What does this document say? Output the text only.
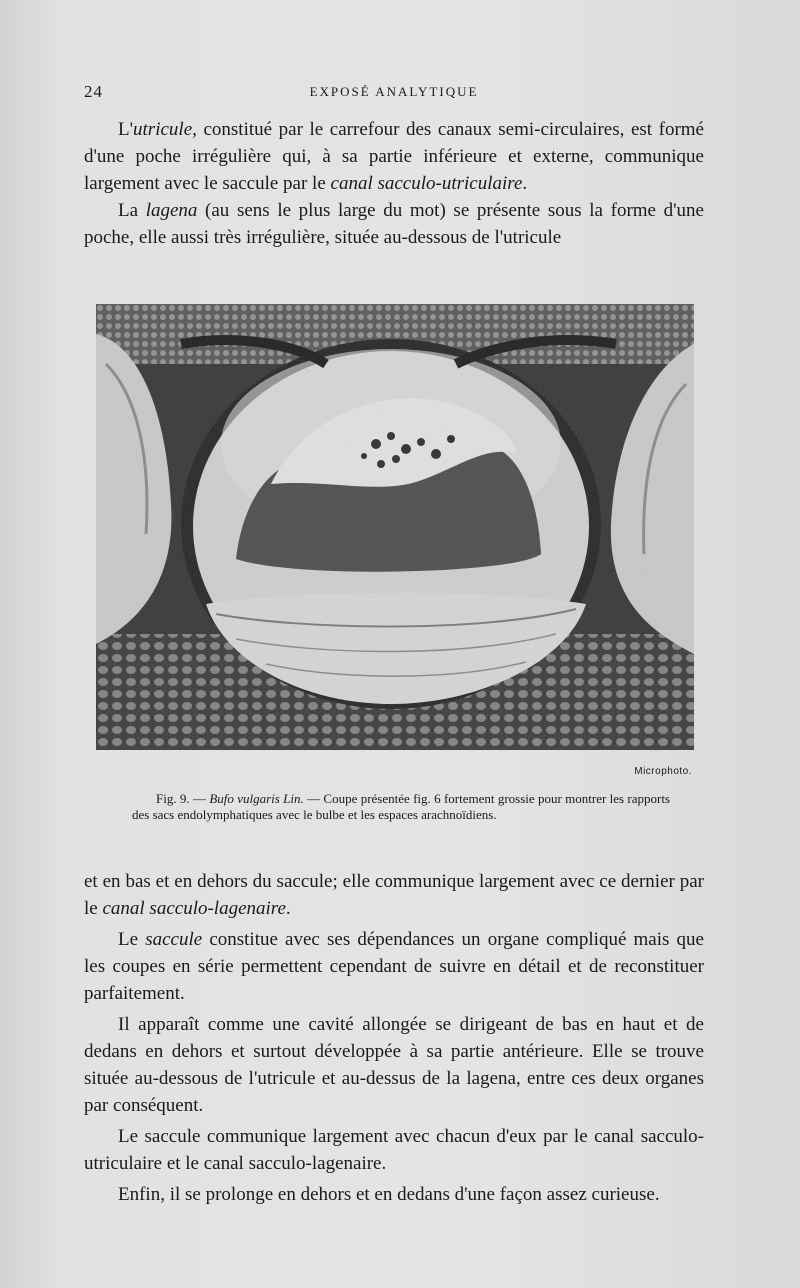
24	EXPOSÉ ANALYTIQUE

L'utricule, constitué par le carrefour des canaux semi-circulaires, est formé d'une poche irrégulière qui, à sa partie inférieure et externe, communique largement avec le saccule par le canal sacculo-utriculaire.

La lagena (au sens le plus large du mot) se présente sous la forme d'une poche, elle aussi très irrégulière, située au-dessous de l'utricule

Microphoto.

Fig. 9. — Bufo vulgaris Lin. — Coupe présentée fig. 6 fortement grossie pour montrer les rapports des sacs endolymphatiques avec le bulbe et les espaces arachnoïdiens.

et en bas et en dehors du saccule; elle communique largement avec ce dernier par le canal sacculo-lagenaire.

Le saccule constitue avec ses dépendances un organe compliqué mais que les coupes en série permettent cependant de suivre en détail et de reconstituer parfaitement.

Il apparaît comme une cavité allongée se dirigeant de bas en haut et de dedans en dehors et surtout développée à sa partie antérieure. Elle se trouve située au-dessous de l'utricule et au-dessus de la lagena, entre ces deux organes par conséquent.

Le saccule communique largement avec chacun d'eux par le canal sacculo-utriculaire et le canal sacculo-lagenaire.

Enfin, il se prolonge en dehors et en dedans d'une façon assez curieuse.
